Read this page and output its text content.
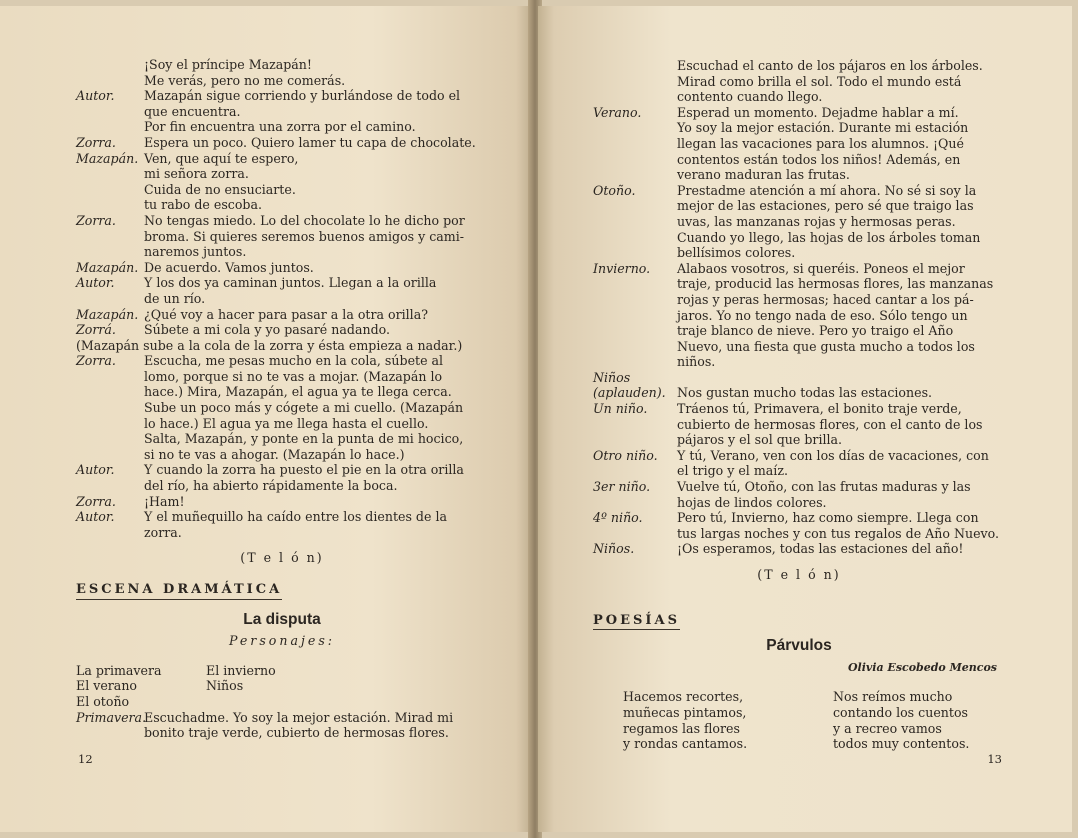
¡Soy el príncipe Mazapán!
Me verás, pero no me comerás.
Autor.	Mazapán sigue corriendo y burlándose de todo el
que encuentra.
Por fin encuentra una zorra por el camino.
Zorra.	Espera un poco. Quiero lamer tu capa de chocolate.
Mazapán. Ven, que aquí te espero,
mi señora zorra.
Cuida de no ensuciarte.
tu rabo de escoba.
Zorra.	No tengas miedo. Lo del chocolate lo he dicho por
broma. Si quieres seremos buenos amigos y cami-
naremos juntos.
Mazapán. De acuerdo. Vamos juntos.
Autor.	Y los dos ya caminan juntos. Llegan a la orilla
de un río.
Mazapán. ¿Qué voy a hacer para pasar a la otra orilla?
Zorrá.	Súbete a mi cola y yo pasaré nadando.
(Mazapán sube a la cola de la zorra y ésta empieza a nadar.)
Zorra.	Escucha, me pesas mucho en la cola, súbete al
lomo, porque si no te vas a mojar. (Mazapán lo
hace.) Mira, Mazapán, el agua ya te llega cerca.
Sube un poco más y cógete a mi cuello. (Mazapán
lo hace.) El agua ya me llega hasta el cuello.
Salta, Mazapán, y ponte en la punta de mi hocico,
si no te vas a ahogar. (Mazapán lo hace.)
Autor.	Y cuando la zorra ha puesto el pie en la otra orilla
del río, ha abierto rápidamente la boca.
Zorra.	¡Ham!
Autor.	Y el muñequillo ha caído entre los dientes de la
zorra.
(T e l ó n)
ESCENA DRAMÁTICA
La disputa
Personajes:
La primavera	El invierno
El verano	Niños
El otoño
Primavera.
Escuchadme. Yo soy la mejor estación. Mirad mi
bonito traje verde, cubierto de hermosas flores.
12
Escuchad el canto de los pájaros en los árboles.
Mirad como brilla el sol. Todo el mundo está
contento cuando llego.
Verano.	Esperad un momento. Dejadme hablar a mí.
Yo soy la mejor estación. Durante mi estación
llegan las vacaciones para los alumnos. ¡Qué
contentos están todos los niños! Además, en
verano maduran las frutas.
Otoño.	Prestadme atención a mí ahora. No sé si soy la
mejor de las estaciones, pero sé que traigo las
uvas, las manzanas rojas y hermosas peras.
Cuando yo llego, las hojas de los árboles toman
bellísimos colores.
Invierno.	Alabaos vosotros, si queréis. Poneos el mejor
traje, producid las hermosas flores, las manzanas
rojas y peras hermosas; haced cantar a los pá-
jaros. Yo no tengo nada de eso. Sólo tengo un
traje blanco de nieve. Pero yo traigo el Año
Nuevo, una fiesta que gusta mucho a todos los
niños.
Niños
(aplauden). Nos gustan mucho todas las estaciones.
Un niño.	Tráenos tú, Primavera, el bonito traje verde,
cubierto de hermosas flores, con el canto de los
pájaros y el sol que brilla.
Otro niño.	Y tú, Verano, ven con los días de vacaciones, con
el trigo y el maíz.
3er niño.	Vuelve tú, Otoño, con las frutas maduras y las
hojas de lindos colores.
4º niño.	Pero tú, Invierno, haz como siempre. Llega con
tus largas noches y con tus regalos de Año Nuevo.
Niños.	¡Os esperamos, todas las estaciones del año!
(T e l ó n)
POESÍAS
Párvulos
Olivia Escobedo Mencos
Hacemos recortes,
muñecas pintamos,
regamos las flores
y rondas cantamos.
Nos reímos mucho
contando los cuentos
y a recreo vamos
todos muy contentos.
13
